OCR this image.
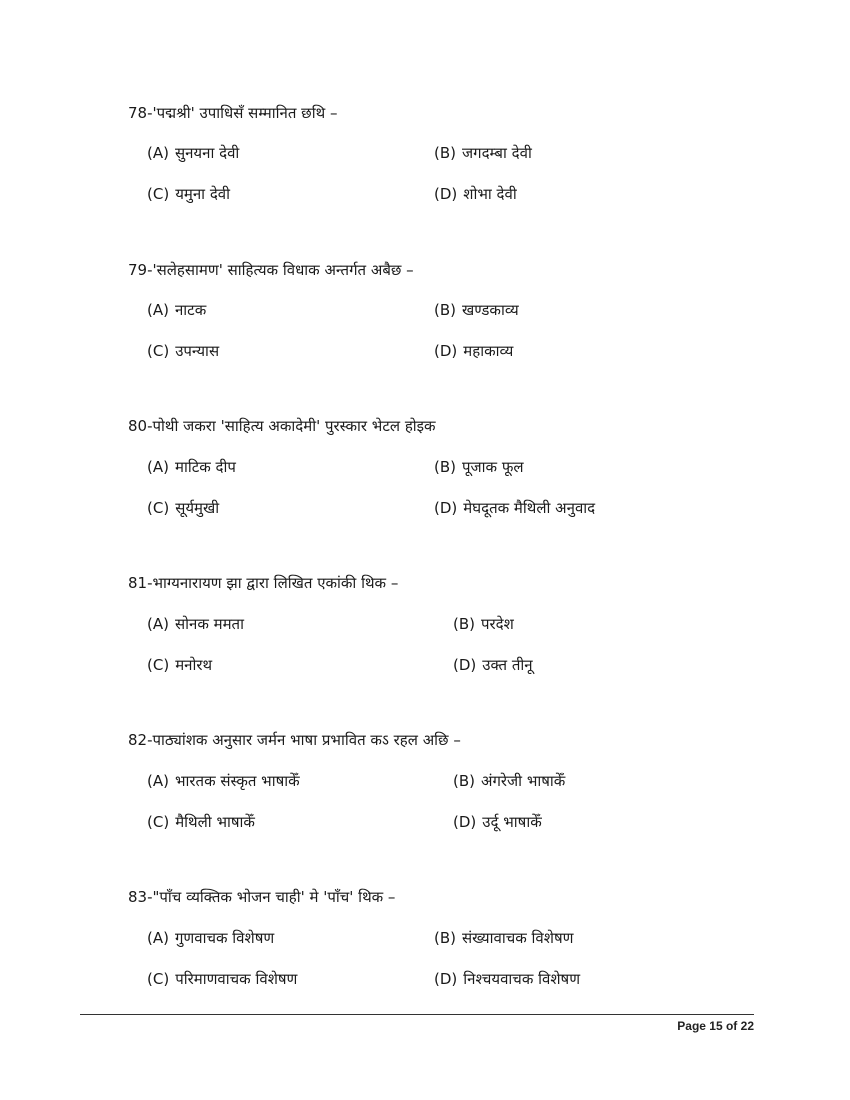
78-'पद्मश्री' उपाधिसँ सम्मानित छथि –
(A) सुनयना देवी	(B) जगदम्बा देवी
(C) यमुना देवी	(D) शोभा देवी
79-'सलेहसामण' साहित्यक विधाक अन्तर्गत अबैछ –
(A) नाटक	(B) खण्डकाव्य
(C) उपन्यास	(D) महाकाव्य
80-पोथी जकरा 'साहित्य अकादेमी' पुरस्कार भेटल होइक
(A) माटिक दीप	(B) पूजाक फूल
(C) सूर्यमुखी	(D) मेघदूतक मैथिली अनुवाद
81-भाग्यनारायण झा द्वारा लिखित एकांकी थिक –
(A) सोनक ममता	(B) परदेश
(C) मनोरथ	(D) उक्त तीनू
82-पाठ्यांशक अनुसार जर्मन भाषा प्रभावित कऽ रहल अछि –
(A) भारतक संस्कृत भाषाकेँ	(B) अंगरेजी भाषाकेँ
(C) मैथिली भाषाकेँ	(D) उर्दू भाषाकेँ
83-"पाँच व्यक्तिक भोजन चाही' मे 'पाँच' थिक –
(A) गुणवाचक विशेषण	(B) संख्यावाचक विशेषण
(C) परिमाणवाचक विशेषण	(D) निश्चयवाचक विशेषण
Page 15 of 22
